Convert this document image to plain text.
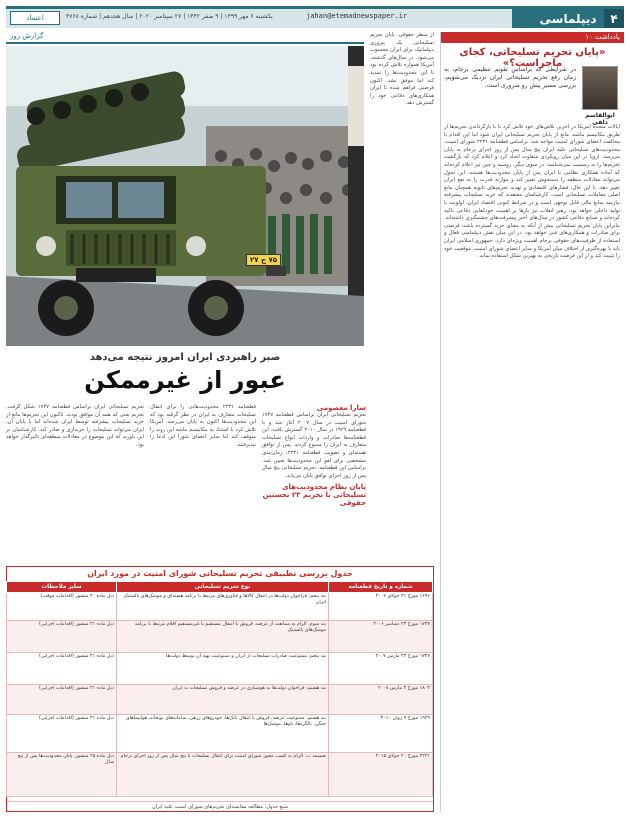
دیپلماسی	۴
jahan@etemadnewspaper.ir
یکشنبه ۶ مهر ۱۳۹۹ | ۹ صفر ۱۴۴۲ | ۲۷ سپتامبر ۲۰۲۰ | سال هجدهم | شماره ۴۷۶۸
اعتماد
یادداشت ۱۰
«پایان تحریم تسلیحاتی، کجای ماجراست؟»
ابوالقاسم دلفی
در شرایطی که براساس تقویم تنظیمی برجام، به زمان رفع تحریم تسلیحاتی ایران نزدیک می‌شویم، بررسی مسیر پیش رو ضروری است.
ایالات متحده آمریکا در آخرین تلاش‌های خود تلاش کرد تا با بازگرداندن تحریم‌ها از طریق مکانیسم ماشه، مانع از پایان تحریم تسلیحاتی ایران شود اما این اقدام با مخالفت اعضای شورای امنیت مواجه شد. براساس قطعنامه ۲۲۳۱ شورای امنیت، محدودیت‌های تسلیحاتی علیه ایران پنج سال پس از روز اجرای برجام به پایان می‌رسد. اروپا در این میان رویکردی متفاوت اتخاذ کرد و اعلام کرد که بازگشت تحریم‌ها را به رسمیت نمی‌شناسد. در سوی دیگر، روسیه و چین نیز اعلام کرده‌اند که آماده همکاری نظامی با ایران پس از پایان محدودیت‌ها هستند. این تحول می‌تواند معادلات منطقه را دستخوش تغییر کند و موازنه قدرت را به نفع ایران تغییر دهد. با این حال، فشارهای اقتصادی و تهدید تحریم‌های ثانویه همچنان مانع اصلی معاملات تسلیحاتی است. کارشناسان معتقدند که خرید تسلیحات پیشرفته نیازمند منابع مالی قابل توجهی است و در شرایط کنونی اقتصاد ایران، اولویت با تولید داخلی خواهد بود. رهبر انقلاب نیز بارها بر اهمیت خودکفایی دفاعی تاکید کرده‌اند و صنایع دفاعی کشور در سال‌های اخیر پیشرفت‌های چشمگیری داشته‌اند. بنابراین پایان تحریم تسلیحاتی بیش از آنکه به معنای خرید گسترده باشد، فرصتی برای صادرات و همکاری‌های فنی خواهد بود. در این میان نقش دیپلماسی فعال و استفاده از ظرفیت‌های حقوقی برجام اهمیت ویژه‌ای دارد. جمهوری اسلامی ایران باید با بهره‌گیری از اختلاف میان آمریکا و سایر اعضای شورای امنیت، موقعیت خود را تثبیت کند و از این فرصت تاریخی به بهترین شکل استفاده نماید.
از منظر حقوقی، پایان تحریم تسلیحاتی یک پیروزی دیپلماتیک برای ایران محسوب می‌شود. در سال‌های گذشته، آمریکا همواره تلاش کرده بود تا این محدودیت‌ها را تمدید کند اما موفق نشد. اکنون فرصتی فراهم شده تا ایران همکاری‌های دفاعی خود را گسترش دهد.
گزارش روز
۷۵ ج ۲۷
صبر راهبردی ایران امروز نتیجه می‌دهد
عبور از غیرممکن
سارا معصومی
تحریم تسلیحاتی ایران براساس قطعنامه ۱۷۴۷ شورای امنیت در سال ۲۰۰۷ آغاز شد و با قطعنامه ۱۹۲۹ در سال ۲۰۱۰ گسترش یافت. این قطعنامه‌ها صادرات و واردات انواع تسلیحات متعارف به ایران را ممنوع کردند. پس از توافق هسته‌ای و تصویب قطعنامه ۲۲۳۱، زمان‌بندی مشخصی برای لغو این محدودیت‌ها تعیین شد. براساس این قطعنامه، تحریم تسلیحاتی پنج سال پس از روز اجرای توافق پایان می‌یابد.
پایان نظام محدودیت‌های تسلیحاتی با تحریم ۲۳ نخستین حقوقی
قطعنامه ۲۲۳۱ محدودیت‌هایی را برای انتقال تسلیحات متعارف به ایران در نظر گرفته بود که این محدودیت‌ها اکنون به پایان می‌رسد. آمریکا تلاش کرد با استناد به مکانیسم ماشه این روند را متوقف کند اما سایر اعضای شورا این ادعا را نپذیرفتند.
تحریم تسلیحاتی ایران براساس قطعنامه ۱۷۴۷ شکل گرفت. تحریم یعنی که همه آن موافق بودند. تاکنون این تحریم‌ها مانع از خرید تسلیحات پیشرفته توسط ایران شده‌اند اما با پایان آن، ایران می‌تواند تسلیحات را خریداری و صادر کند. کارشناسان بر این باورند که این موضوع در معادلات منطقه‌ای تاثیرگذار خواهد بود.
جدول بررسی تطبیقی تحریم تسلیحاتی شورای امنیت در مورد ایران
شماره و تاریخ قطعنامه	نوع تحریم تسلیحاتی	سایر ملاحظات
۱۶۹۶ مورخ ۳۱ جولای ۲۰۰۶	بند پنجم: فراخوان دولت‌ها در انتقال کالاها و فناوری‌های مرتبط با برنامه هسته‌ای و موشک‌های بالستیک ایران	ذیل ماده ۴۰ منشور (اقدامات موقت)
۱۷۳۷ مورخ ۲۳ دسامبر ۲۰۰۶	بند سوم: الزام به ممانعت از عرضه، فروش یا انتقال مستقیم یا غیرمستقیم اقلام مرتبط با برنامه موشک‌های بالستیک	ذیل ماده ۴۱ منشور (اقدامات اجرایی)
۱۷۴۷ مورخ ۲۴ مارس ۲۰۰۷	بند پنجم: ممنوعیت صادرات تسلیحات از ایران و ممنوعیت تهیه آن توسط دولت‌ها	ذیل ماده ۴۱ منشور (اقدامات اجرایی)
۱۸۰۳ مورخ ۳ مارس ۲۰۰۸	بند هشتم: فراخوان دولت‌ها به هوشیاری در عرضه و فروش تسلیحات به ایران	ذیل ماده ۴۱ منشور (اقدامات اجرایی)
۱۹۲۹ مورخ ۹ ژوئن ۲۰۱۰	بند هشتم: ممنوعیت عرضه، فروش یا انتقال تانک‌ها، خودروهای زرهی، سامانه‌های توپخانه، هواپیماهای جنگی، بالگردها، ناوها، موشک‌ها	ذیل ماده ۴۱ منشور (اقدامات اجرایی)
۲۲۳۱ مورخ ۲۰ جولای ۲۰۱۵	ضمیمه ب: الزام به کسب مجوز شورای امنیت برای انتقال تسلیحات تا پنج سال پس از روز اجرای برجام	ذیل ماده ۲۵ منشور، پایان محدودیت‌ها پس از پنج سال
منبع جدول: مطالعه مقایسه‌ای تحریم‌های شورای امنیت علیه ایران
